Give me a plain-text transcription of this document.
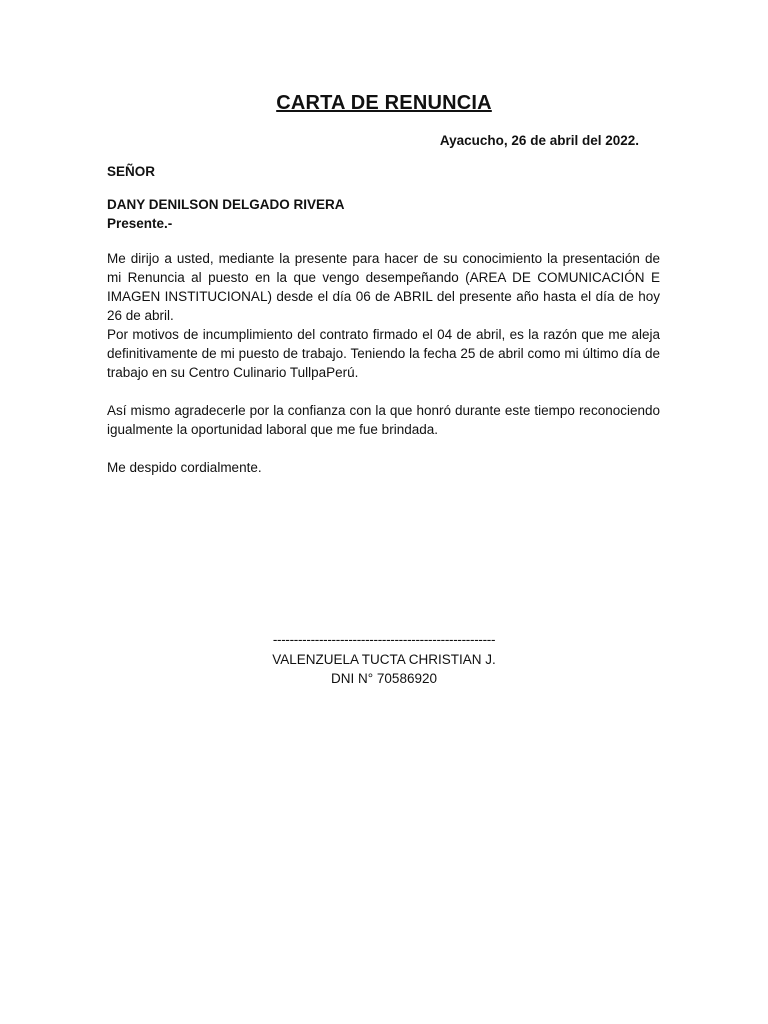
CARTA DE RENUNCIA
Ayacucho, 26 de abril del 2022.
SEÑOR
DANY DENILSON DELGADO RIVERA
Presente.-

Me dirijo a usted, mediante la presente para hacer de su conocimiento la presentación de mi Renuncia al puesto en la que vengo desempeñando (AREA DE COMUNICACIÓN E IMAGEN INSTITUCIONAL) desde el día 06 de ABRIL del presente año hasta el día de hoy 26 de abril.

Por motivos de incumplimiento del contrato firmado el 04 de abril, es la razón que me aleja definitivamente de mi puesto de trabajo. Teniendo la fecha 25 de abril como mi último día de trabajo en su Centro Culinario TullpaPerú.

Así mismo agradecerle por la confianza con la que honró durante este tiempo reconociendo igualmente la oportunidad laboral que me fue brindada.

Me despido cordialmente.

-----------------------------------------------------
VALENZUELA TUCTA CHRISTIAN J.
DNI N° 70586920
